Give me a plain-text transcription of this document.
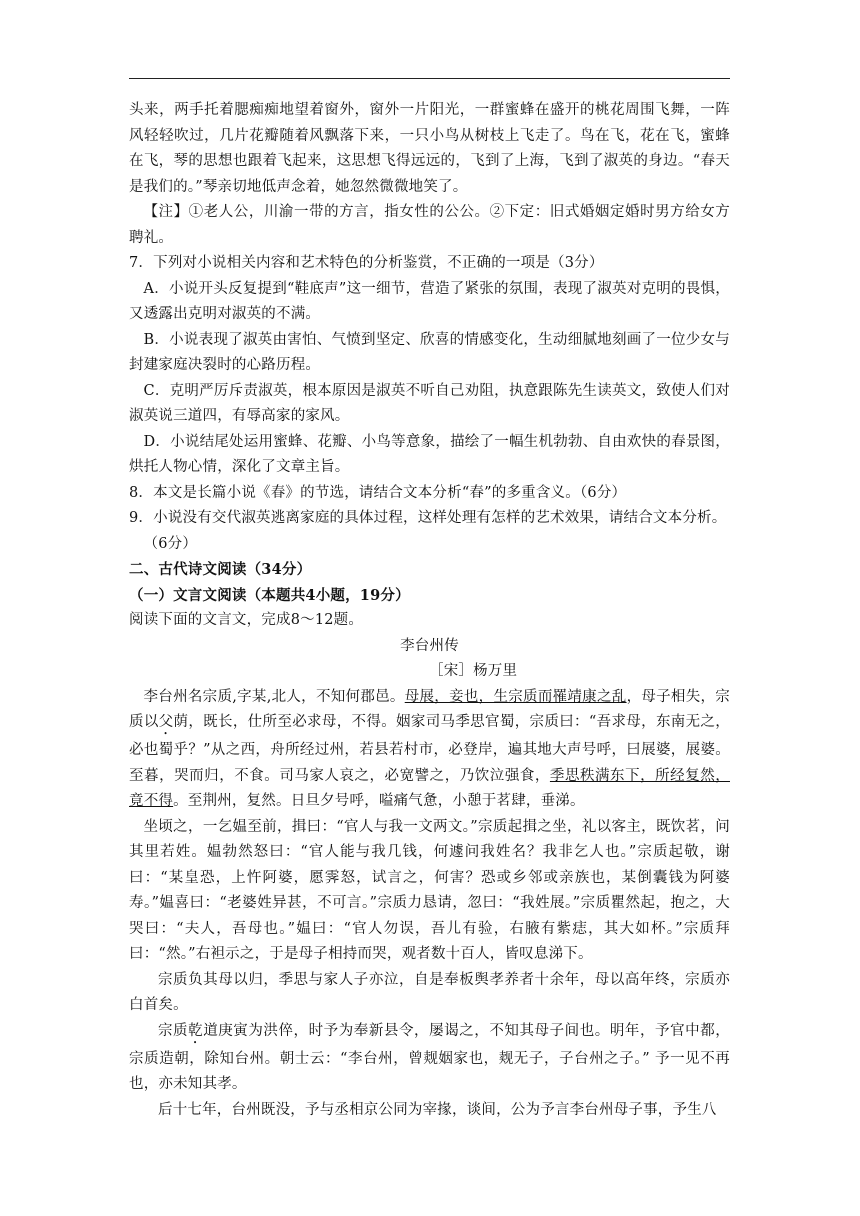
头来，两手托着腮痴痴地望着窗外，窗外一片阳光，一群蜜蜂在盛开的桃花周围飞舞，一阵风轻轻吹过，几片花瓣随着风飘落下来，一只小鸟从树枝上飞走了。鸟在飞，花在飞，蜜蜂在飞，琴的思想也跟着飞起来，这思想飞得远远的，飞到了上海，飞到了淑英的身边。“春天是我们的。”琴亲切地低声念着，她忽然微微地笑了。

【注】①老人公，川渝一带的方言，指女性的公公。②下定：旧式婚姻定婚时男方给女方聘礼。

7．下列对小说相关内容和艺术特色的分析鉴赏，不正确的一项是（3分）

A．小说开头反复提到“鞋底声”这一细节，营造了紧张的氛围，表现了淑英对克明的畏惧，又透露出克明对淑英的不满。

B．小说表现了淑英由害怕、气愤到坚定、欣喜的情感变化，生动细腻地刻画了一位少女与封建家庭决裂时的心路历程。

C．克明严厉斥责淑英，根本原因是淑英不听自己劝阻，执意跟陈先生读英文，致使人们对淑英说三道四，有辱高家的家风。

D．小说结尾处运用蜜蜂、花瓣、小鸟等意象，描绘了一幅生机勃勃、自由欢快的春景图，烘托人物心情，深化了文章主旨。

8．本文是长篇小说《春》的节选，请结合文本分析“春”的多重含义。（6分）

9．小说没有交代淑英逃离家庭的具体过程，这样处理有怎样的艺术效果，请结合文本分析。

（6分）

二、古代诗文阅读（34分）

（一）文言文阅读（本题共4小题，19分）

阅读下面的文言文，完成8～12题。

李台州传

［宋］杨万里

李台州名宗质,字某,北人，不知何郡邑。母展，妾也，生宗质而罹靖康之乱，母子相失，宗质以父荫，既长，仕所至必求母，不得。姻家司马季思官蜀，宗质曰：“吾求母，东南无之，必也蜀乎？”从之西，舟所经过州，若县若村市，必登岸，遍其地大声号呼，曰展婆，展婆。至暮，哭而归，不食。司马家人哀之，必宽譬之，乃饮泣强食，季思秩满东下，所经复然，竟不得。至荆州，复然。日旦夕号呼，嗌痛气惫，小憩于茗肆，垂涕。

坐顷之，一乞媪至前，揖曰：“官人与我一文两文。”宗质起揖之坐，礼以客主，既饮茗，问其里若姓。媪勃然怒曰：“官人能与我几钱，何遽问我姓名？我非乞人也。”宗质起敬，谢曰：“某皇恐，上忤阿婆，愿霁怒，试言之，何害？恐或乡邻或亲族也，某倒囊钱为阿婆寿。”媪喜曰：“老婆姓异甚，不可言。”宗质力恳请，忽曰：“我姓展。”宗质瞿然起，抱之，大哭曰：“夫人，吾母也。”媪曰：“官人勿误，吾儿有验，右腋有紫痣，其大如杯。”宗质拜曰：“然。”右袒示之，于是母子相持而哭，观者数十百人，皆叹息涕下。

宗质负其母以归，季思与家人子亦泣，自是奉板舆孝养者十余年，母以高年终，宗质亦白首矣。

宗质乾道庚寅为洪倅，时予为奉新县令，屡谒之，不知其母子间也。明年，予官中都，宗质造朝，除知台州。朝士云：“李台州，曾觌姻家也，觌无子，子台州之子。” 予一见不再也，亦未知其孝。

后十七年，台州既没，予与丞相京公同为宰掾，谈间，公为予言李台州母子事，予生八
